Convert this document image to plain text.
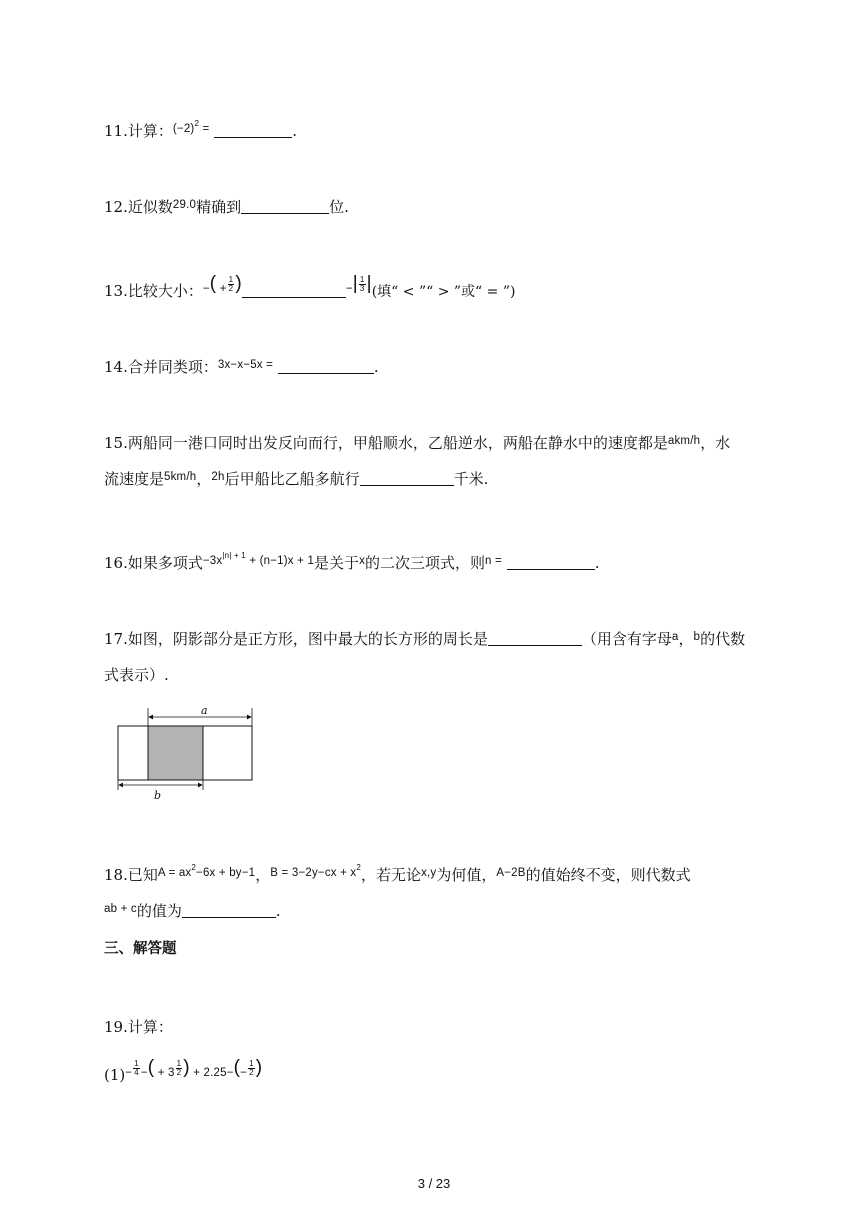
11.计算：$^{(-2)^2 =}$	.
12.近似数$^{29.0}$精确到	位.
13.比较大小：$^{-( + \frac{1}{2} )}$	$^{-| \frac{1}{3} |}$(填“ < ”“ > ”或“ = ”)
14.合并同类项：$^{3x-x-5x =}$	.
15.两船同一港口同时出发反向而行，甲船顺水，乙船逆水，两船在静水中的速度都是$^{akm/h}$，水
流速度是$^{5km/h}$，$^{2h}$后甲船比乙船多航行	千米.
16.如果多项式$^{-3x^{|n| + 1} + (n-1)x + 1}$是关于$^x$的二次三项式，则$^{n =}$	.
17.如图，阴影部分是正方形，图中最大的长方形的周长是	（用含有字母$^a$，$^b$的代数
式表示）.
a
b
18.已知$^{A = ax^2-6x + by-1}$，$^{B = 3-2y-cx + x^2}$，若无论$^{x,y}$为何值，$^{A-2B}$的值始终不变，则代数式
$^{ab + c}$的值为	.
三、解答题
19.计算：
$(1)^{- \frac{1}{4} -( + 3 \frac{1}{2} ) + 2.25-(- \frac{1}{2} )}$
3 / 23
